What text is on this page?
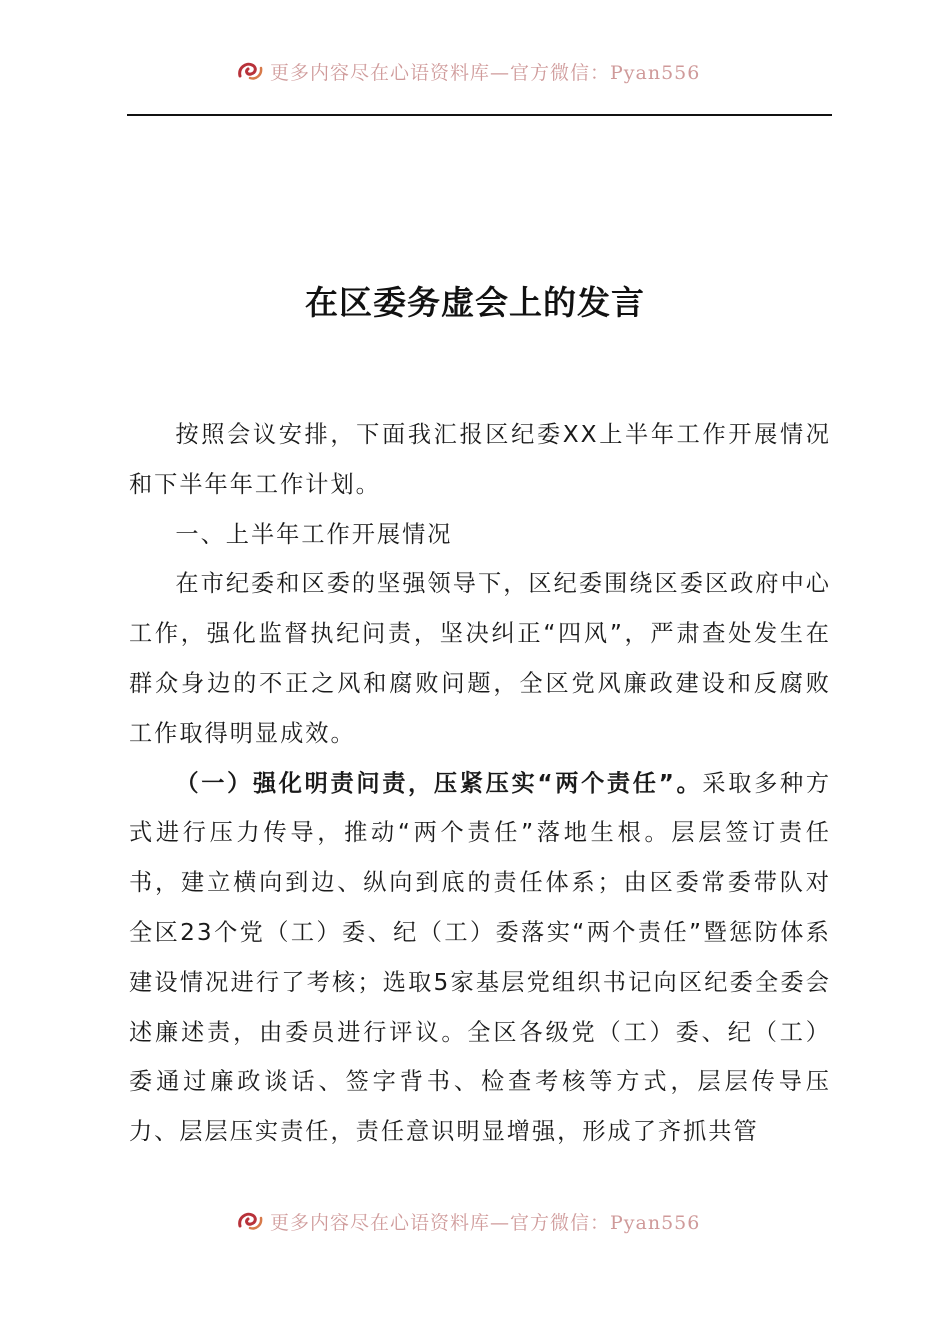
更多内容尽在心语资料库—官方微信：Pyan556
在区委务虚会上的发言

按照会议安排，下面我汇报区纪委XX上半年工作开展情况和下半年年工作计划。

一、上半年工作开展情况

在市纪委和区委的坚强领导下，区纪委围绕区委区政府中心工作，强化监督执纪问责，坚决纠正“四风”，严肃查处发生在群众身边的不正之风和腐败问题，全区党风廉政建设和反腐败工作取得明显成效。

（一）强化明责问责，压紧压实“两个责任”。采取多种方式进行压力传导，推动“两个责任”落地生根。层层签订责任书，建立横向到边、纵向到底的责任体系；由区委常委带队对全区23个党（工）委、纪（工）委落实“两个责任”暨惩防体系建设情况进行了考核；选取5家基层党组织书记向区纪委全委会述廉述责，由委员进行评议。全区各级党（工）委、纪（工）委通过廉政谈话、签字背书、检查考核等方式，层层传导压力、层层压实责任，责任意识明显增强，形成了齐抓共管

更多内容尽在心语资料库—官方微信：Pyan556
